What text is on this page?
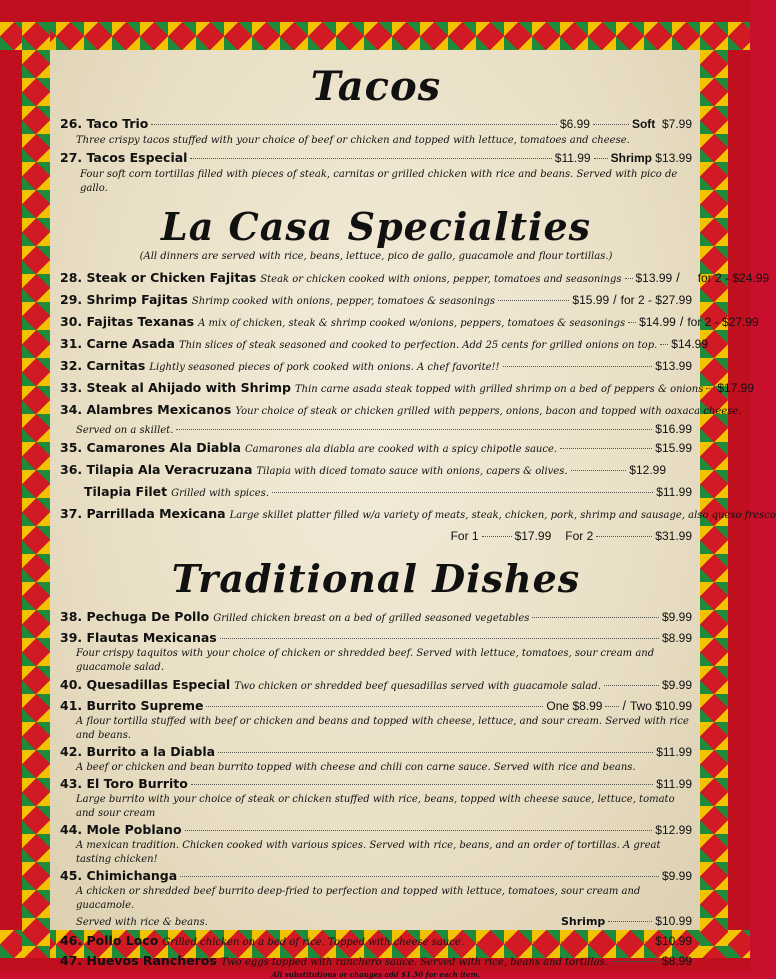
Tacos
26. Taco Trio	$6.99	Soft $7.99
Three crispy tacos stuffed with your choice of beef or chicken and topped with lettuce, tomatoes and cheese.
27. Tacos Especial	$11.99 Shrimp $13.99
Four soft corn tortillas filled with pieces of steak, carnitas or grilled chicken with rice and beans. Served with pico de gallo.
La Casa Specialties
(All dinners are served with rice, beans, lettuce, pico de gallo, guacamole and flour tortillas.)
28. Steak or Chicken Fajitas Steak or chicken cooked with onions, pepper, tomatoes and seasonings $13.99 / for 2 - $24.99
29. Shrimp Fajitas Shrimp cooked with onions, pepper, tomatoes & seasonings	$15.99 / for 2 - $27.99
30. Fajitas Texanas A mix of chicken, steak & shrimp cooked w/onions, peppers, tomatoes & seasonings $14.99 / for 2 - $27.99
31. Carne Asada Thin slices of steak seasoned and cooked to perfection. Add 25 cents for grilled onions on top. $14.99
32. Carnitas Lightly seasoned pieces of pork cooked with onions. A chef favorite!!	$13.99
33. Steak al Ahijado with Shrimp Thin carne asada steak topped with grilled shrimp on a bed of peppers & onions $17.99
34. Alambres Mexicanos Your choice of steak or chicken grilled with peppers, onions, bacon and topped with oaxaca cheese.
Served on a skillet.	$16.99
35. Camarones Ala Diabla Camarones ala diabla are cooked with a spicy chipotle sauce.	$15.99
36. Tilapia Ala Veracruzana Tilapia with diced tomato sauce with onions, capers & olives.	$12.99
Tilapia Filet Grilled with spices.	$11.99
37. Parrillada Mexicana Large skillet platter filled w/a variety of meats, steak, chicken, pork, shrimp and sausage, also queso fresco
For 1	$17.99 For 2	$31.99
Traditional Dishes
38. Pechuga De Pollo Grilled chicken breast on a bed of grilled seasoned vegetables	$9.99
39. Flautas Mexicanas	$8.99
Four crispy taquitos with your choice of chicken or shredded beef. Served with lettuce, tomatoes, sour cream and guacamole salad.
40. Quesadillas Especial Two chicken or shredded beef quesadillas served with guacamole salad.	$9.99
41. Burrito Supreme	One $8.99 / Two $10.99
A flour tortilla stuffed with beef or chicken and beans and topped with cheese, lettuce, and sour cream. Served with rice and beans.
42. Burrito a la Diabla	$11.99
A beef or chicken and bean burrito topped with cheese and chili con carne sauce. Served with rice and beans.
43. El Toro Burrito	$11.99
Large burrito with your choice of steak or chicken stuffed with rice, beans, topped with cheese sauce, lettuce, tomato and sour cream
44. Mole Poblano	$12.99
A mexican tradition. Chicken cooked with various spices. Served with rice, beans, and an order of tortillas. A great tasting chicken!
45. Chimichanga	$9.99
A chicken or shredded beef burrito deep-fried to perfection and topped with lettuce, tomatoes, sour cream and guacamole.
Served with rice & beans.	Shrimp	$10.99
46. Pollo Loco Grilled chicken on a bed of rice. Topped with cheese sauce.	$10.99
47. Huevos Rancheros Two eggs topped with ranchero sauce. Served with rice, beans and tortillas.	$8.99
All substitutions or changes add $1.50 for each item.
